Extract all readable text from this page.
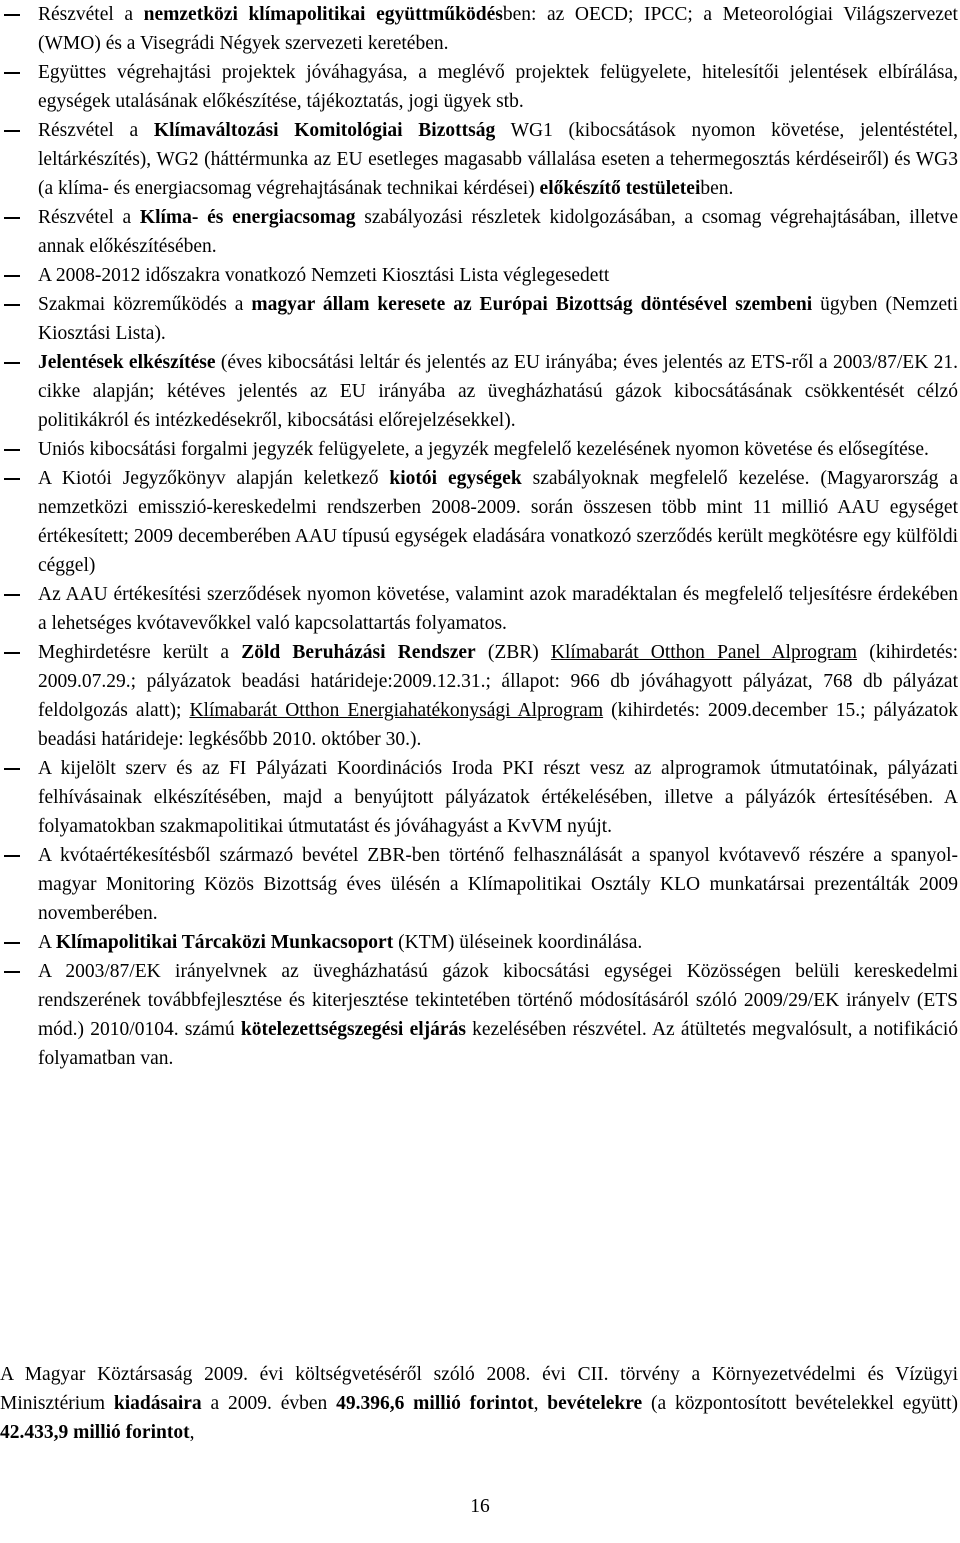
Részvétel a nemzetközi klímapolitikai együttműködésben: az OECD; IPCC; a Meteorológiai Világszervezet (WMO) és a Visegrádi Négyek szervezeti keretében.
Együttes végrehajtási projektek jóváhagyása, a meglévő projektek felügyelete, hitelesítői jelentések elbírálása, egységek utalásának előkészítése, tájékoztatás, jogi ügyek stb.
Részvétel a Klímaváltozási Komitológiai Bizottság WG1 (kibocsátások nyomon követése, jelentéstétel, leltárkészítés), WG2 (háttérmunka az EU esetleges magasabb vállalása eseten a tehermegosztás kérdéseiről) és WG3 (a klíma- és energiacsomag végrehajtásának technikai kérdései) előkészítő testületeiben.
Részvétel a Klíma- és energiacsomag szabályozási részletek kidolgozásában, a csomag végrehajtásában, illetve annak előkészítésében.
A 2008-2012 időszakra vonatkozó Nemzeti Kiosztási Lista véglegesedett
Szakmai közreműködés a magyar állam keresete az Európai Bizottság döntésével szembeni ügyben (Nemzeti Kiosztási Lista).
Jelentések elkészítése (éves kibocsátási leltár és jelentés az EU irányába; éves jelentés az ETS-ről a 2003/87/EK 21. cikke alapján; kétéves jelentés az EU irányába az üvegházhatású gázok kibocsátásának csökkentését célzó politikákról és intézkedésekről, kibocsátási előrejelzésekkel).
Uniós kibocsátási forgalmi jegyzék felügyelete, a jegyzék megfelelő kezelésének nyomon követése és elősegítése.
A Kiotói Jegyzőkönyv alapján keletkező kiotói egységek szabályoknak megfelelő kezelése. (Magyarország a nemzetközi emisszió-kereskedelmi rendszerben 2008-2009. során összesen több mint 11 millió AAU egységet értékesített; 2009 decemberében AAU típusú egységek eladására vonatkozó szerződés került megkötésre egy külföldi céggel)
Az AAU értékesítési szerződések nyomon követése, valamint azok maradéktalan és megfelelő teljesítésre érdekében a lehetséges kvótavevőkkel való kapcsolattartás folyamatos.
Meghirdetésre került a Zöld Beruházási Rendszer (ZBR) Klímabarát Otthon Panel Alprogram (kihirdetés: 2009.07.29.; pályázatok beadási határideje:2009.12.31.; állapot: 966 db jóváhagyott pályázat, 768 db pályázat feldolgozás alatt); Klímabarát Otthon Energiahatékonysági Alprogram (kihirdetés: 2009.december 15.; pályázatok beadási határideje: legkésőbb 2010. október 30.).
A kijelölt szerv és az FI Pályázati Koordinációs Iroda PKI részt vesz az alprogramok útmutatóinak, pályázati felhívásainak elkészítésében, majd a benyújtott pályázatok értékelésében, illetve a pályázók értesítésében. A folyamatokban szakmapolitikai útmutatást és jóváhagyást a KvVM nyújt.
A kvótaértékesítésből származó bevétel ZBR-ben történő felhasználását a spanyol kvótavevő részére a spanyol-magyar Monitoring Közös Bizottság éves ülésén a Klímapolitikai Osztály KLO munkatársai prezentálták 2009 novemberében.
A Klímapolitikai Tárcaközi Munkacsoport (KTM) üléseinek koordinálása.
A 2003/87/EK irányelvnek az üvegházhatású gázok kibocsátási egységei Közösségen belüli kereskedelmi rendszerének továbbfejlesztése és kiterjesztése tekintetében történő módosításáról szóló 2009/29/EK irányelv (ETS mód.) 2010/0104. számú kötelezettségszegési eljárás kezelésében részvétel. Az átültetés megvalósult, a notifikáció folyamatban van.
A Magyar Köztársaság 2009. évi költségvetéséről szóló 2008. évi CII. törvény a Környezetvédelmi és Vízügyi Minisztérium kiadásaira a 2009. évben 49.396,6 millió forintot, bevételekre (a központosított bevételekkel együtt) 42.433,9 millió forintot,
16
